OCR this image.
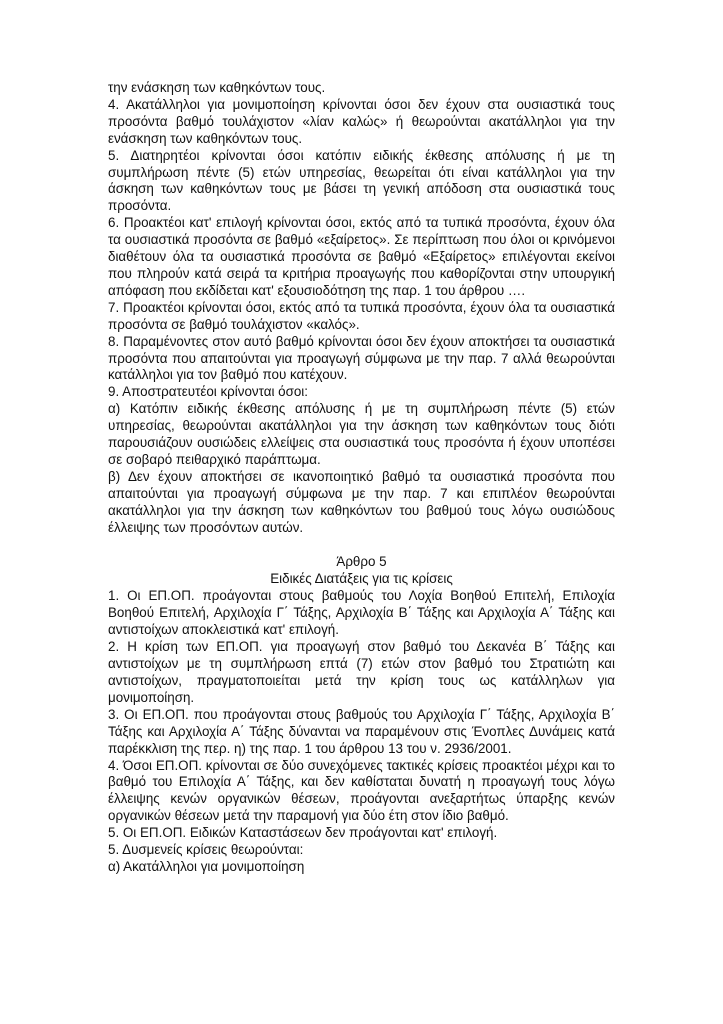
την ενάσκηση των καθηκόντων τους.

4. Ακατάλληλοι για μονιμοποίηση κρίνονται όσοι δεν έχουν στα ουσιαστικά τους προσόντα βαθμό τουλάχιστον «λίαν καλώς» ή θεωρούνται ακατάλληλοι για την ενάσκηση των καθηκόντων τους.

5. Διατηρητέοι κρίνονται όσοι κατόπιν ειδικής έκθεσης απόλυσης ή με τη συμπλήρωση πέντε (5) ετών υπηρεσίας, θεωρείται ότι είναι κατάλληλοι για την άσκηση των καθηκόντων τους με βάσει τη γενική απόδοση στα ουσιαστικά τους προσόντα.

6. Προακτέοι κατ' επιλογή κρίνονται όσοι, εκτός από τα τυπικά προσόντα, έχουν όλα τα ουσιαστικά προσόντα σε βαθμό «εξαίρετος». Σε περίπτωση που όλοι οι κρινόμενοι διαθέτουν όλα τα ουσιαστικά προσόντα σε βαθμό «Εξαίρετος» επιλέγονται εκείνοι που πληρούν κατά σειρά τα κριτήρια προαγωγής που καθορίζονται στην υπουργική απόφαση που εκδίδεται κατ' εξουσιοδότηση της παρ. 1 του άρθρου ….

7. Προακτέοι κρίνονται όσοι, εκτός από τα τυπικά προσόντα, έχουν όλα τα ουσιαστικά προσόντα σε βαθμό τουλάχιστον «καλός».

8. Παραμένοντες στον αυτό βαθμό κρίνονται όσοι δεν έχουν αποκτήσει τα ουσιαστικά προσόντα που απαιτούνται για προαγωγή σύμφωνα με την παρ. 7 αλλά θεωρούνται κατάλληλοι για τον βαθμό που κατέχουν.

9. Αποστρατευτέοι κρίνονται όσοι:

α) Κατόπιν ειδικής έκθεσης απόλυσης ή με τη συμπλήρωση πέντε (5) ετών υπηρεσίας, θεωρούνται ακατάλληλοι για την άσκηση των καθηκόντων τους διότι παρουσιάζουν ουσιώδεις ελλείψεις στα ουσιαστικά τους προσόντα ή έχουν υποπέσει σε σοβαρό πειθαρχικό παράπτωμα.

β) Δεν έχουν αποκτήσει σε ικανοποιητικό βαθμό τα ουσιαστικά προσόντα που απαιτούνται για προαγωγή σύμφωνα με την παρ. 7 και επιπλέον θεωρούνται ακατάλληλοι για την άσκηση των καθηκόντων του βαθμού τους λόγω ουσιώδους έλλειψης των προσόντων αυτών.

Άρθρο 5

Ειδικές Διατάξεις για τις κρίσεις

1. Οι ΕΠ.ΟΠ. προάγονται στους βαθμούς του Λοχία Βοηθού Επιτελή, Επιλοχία Βοηθού Επιτελή, Αρχιλοχία Γ΄ Τάξης, Αρχιλοχία Β΄ Τάξης και Αρχιλοχία Α΄ Τάξης και αντιστοίχων αποκλειστικά κατ' επιλογή.

2. Η κρίση των ΕΠ.ΟΠ. για προαγωγή στον βαθμό του Δεκανέα Β΄ Τάξης και αντιστοίχων με τη συμπλήρωση επτά (7) ετών στον βαθμό του Στρατιώτη και αντιστοίχων, πραγματοποιείται μετά την κρίση τους ως κατάλληλων για μονιμοποίηση.

3. Οι ΕΠ.ΟΠ. που προάγονται στους βαθμούς του Αρχιλοχία Γ΄ Τάξης, Αρχιλοχία Β΄ Τάξης και Αρχιλοχία Α΄ Τάξης δύνανται να παραμένουν στις Ένοπλες Δυνάμεις κατά παρέκκλιση της περ. η) της παρ. 1 του άρθρου 13 του ν. 2936/2001.

4. Όσοι ΕΠ.ΟΠ. κρίνονται σε δύο συνεχόμενες τακτικές κρίσεις προακτέοι μέχρι και το βαθμό του Επιλοχία Α΄ Τάξης, και δεν καθίσταται δυνατή η προαγωγή τους λόγω έλλειψης κενών οργανικών θέσεων, προάγονται ανεξαρτήτως ύπαρξης κενών οργανικών θέσεων μετά την παραμονή για δύο έτη στον ίδιο βαθμό.

5. Οι ΕΠ.ΟΠ. Ειδικών Καταστάσεων δεν προάγονται κατ' επιλογή.

5. Δυσμενείς κρίσεις θεωρούνται:

α) Ακατάλληλοι για μονιμοποίηση
